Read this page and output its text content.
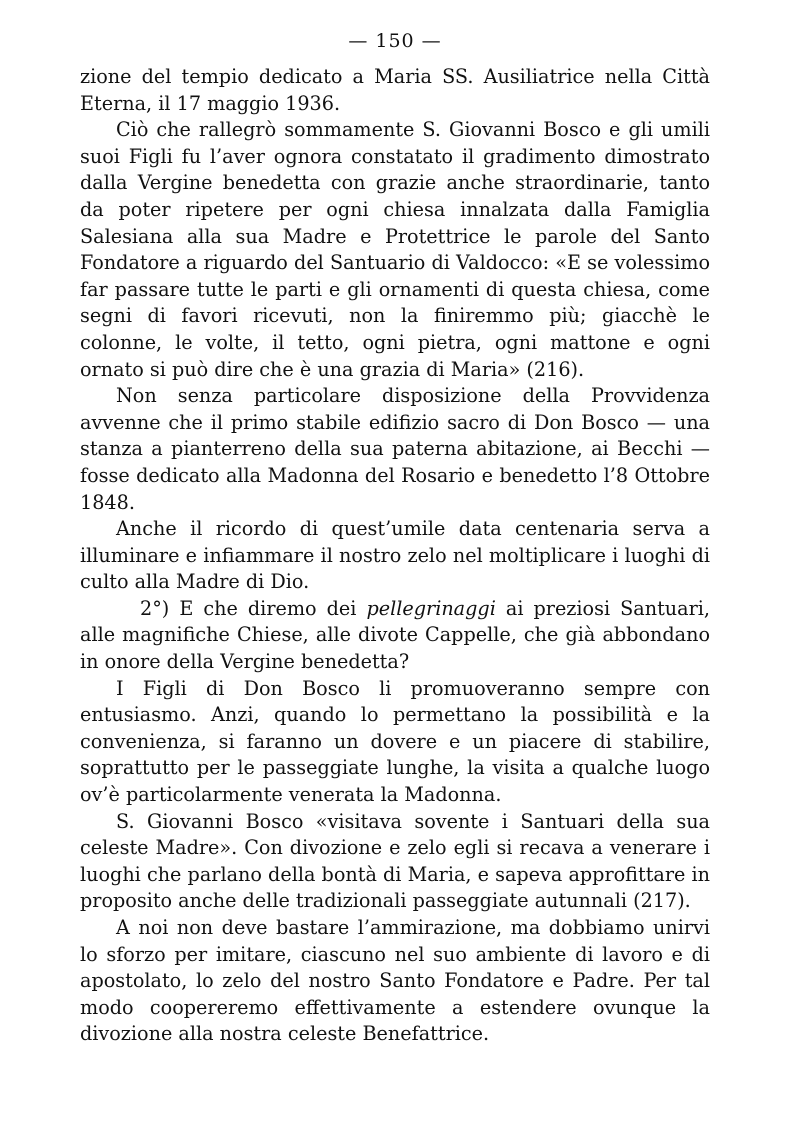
— 150 —

zione del tempio dedicato a Maria SS. Ausiliatrice nella Città Eterna, il 17 maggio 1936.

Ciò che rallegrò sommamente S. Giovanni Bosco e gli umili suoi Figli fu l’aver ognora constatato il gradimento dimostrato dalla Vergine benedetta con grazie anche straordinarie, tanto da poter ripetere per ogni chiesa innalzata dalla Famiglia Salesiana alla sua Madre e Protettrice le parole del Santo Fondatore a riguardo del Santuario di Valdocco: «E se volessimo far passare tutte le parti e gli ornamenti di questa chiesa, come segni di favori ricevuti, non la finiremmo più; giacchè le colonne, le volte, il tetto, ogni pietra, ogni mattone e ogni ornato si può dire che è una grazia di Maria» (216).

Non senza particolare disposizione della Provvidenza avvenne che il primo stabile edifizio sacro di Don Bosco — una stanza a pianterreno della sua paterna abitazione, ai Becchi — fosse dedicato alla Madonna del Rosario e benedetto l’8 Ottobre 1848.

Anche il ricordo di quest’umile data centenaria serva a illuminare e infiammare il nostro zelo nel moltiplicare i luoghi di culto alla Madre di Dio.

2°) E che diremo dei pellegrinaggi ai preziosi Santuari, alle magnifiche Chiese, alle divote Cappelle, che già abbondano in onore della Vergine benedetta?

I Figli di Don Bosco li promuoveranno sempre con entusiasmo. Anzi, quando lo permettano la possibilità e la convenienza, si faranno un dovere e un piacere di stabilire, soprattutto per le passeggiate lunghe, la visita a qualche luogo ov’è particolarmente venerata la Madonna.

S. Giovanni Bosco «visitava sovente i Santuari della sua celeste Madre». Con divozione e zelo egli si recava a venerare i luoghi che parlano della bontà di Maria, e sapeva approfittare in proposito anche delle tradizionali passeggiate autunnali (217).

A noi non deve bastare l’ammirazione, ma dobbiamo unirvi lo sforzo per imitare, ciascuno nel suo ambiente di lavoro e di apostolato, lo zelo del nostro Santo Fondatore e Padre. Per tal modo coopereremo effettivamente a estendere ovunque la divozione alla nostra celeste Benefattrice.
